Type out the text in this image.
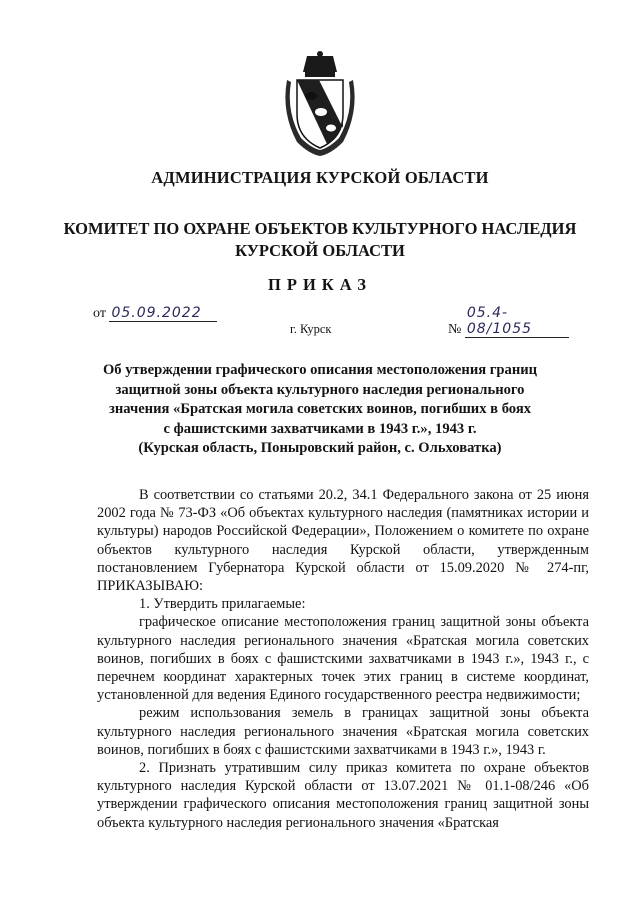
АДМИНИСТРАЦИЯ КУРСКОЙ ОБЛАСТИ
КОМИТЕТ ПО ОХРАНЕ ОБЪЕКТОВ КУЛЬТУРНОГО НАСЛЕДИЯ
КУРСКОЙ ОБЛАСТИ
ПРИКАЗ
от 05.09.2022
№ 05.4-08/1055
г. Курск
Об утверждении графического описания местоположения границ
защитной зоны объекта культурного наследия регионального
значения «Братская могила советских воинов, погибших в боях
с фашистскими захватчиками в 1943 г.», 1943 г.
(Курская область, Поныровский район, с. Ольховатка)

В соответствии со статьями 20.2, 34.1 Федерального закона от 25 июня 2002 года № 73-ФЗ «Об объектах культурного наследия (памятниках истории и культуры) народов Российской Федерации», Положением о комитете по охране объектов культурного наследия Курской области, утвержденным постановлением Губернатора Курской области от 15.09.2020 № 274-пг, ПРИКАЗЫВАЮ:

1. Утвердить прилагаемые:

графическое описание местоположения границ защитной зоны объекта культурного наследия регионального значения «Братская могила советских воинов, погибших в боях с фашистскими захватчиками в 1943 г.», 1943 г., с перечнем координат характерных точек этих границ в системе координат, установленной для ведения Единого государственного реестра недвижимости;

режим использования земель в границах защитной зоны объекта культурного наследия регионального значения «Братская могила советских воинов, погибших в боях с фашистскими захватчиками в 1943 г.», 1943 г.

2. Признать утратившим силу приказ комитета по охране объектов культурного наследия Курской области от 13.07.2021 № 01.1-08/246 «Об утверждении графического описания местоположения границ защитной зоны объекта культурного наследия регионального значения «Братская
